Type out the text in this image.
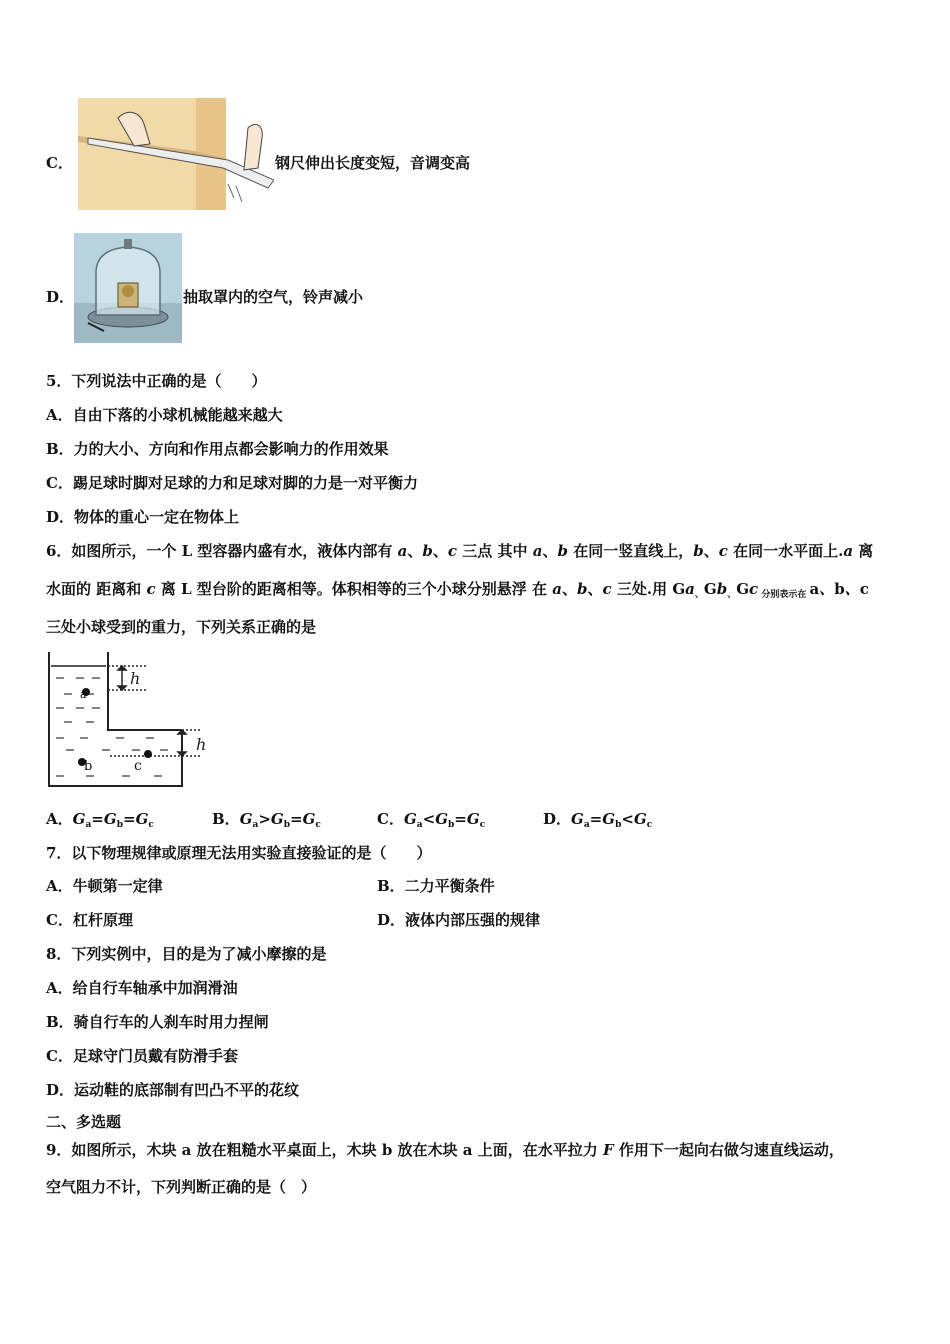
C．	钢尺伸出长度变短，音调变高
D．	抽取罩内的空气，铃声减小
5．下列说法中正确的是（　　）
A．自由下落的小球机械能越来越大
B．力的大小、方向和作用点都会影响力的作用效果
C．踢足球时脚对足球的力和足球对脚的力是一对平衡力
D．物体的重心一定在物体上
6．如图所示，一个 L 型容器内盛有水，液体内部有 a、b、c 三点 其中 a、b 在同一竖直线上，b、c 在同一水平面上.a 离
水面的 距离和 c 离 L 型台阶的距离相等。体积相等的三个小球分别悬浮 在 a、b、c 三处.用 $Ga_、Gb_、Gc$ $_{分别表示在}$ a、b、c
三处小球受到的重力，下列关系正确的是
h
h
a
b	c
A．$G_a=G_b=G_c$	B．$G_a>G_b=G_c$	C．$G_a<G_b=G_c$	D．$G_a=G_b<G_c$
7．以下物理规律或原理无法用实验直接验证的是（　　）
A．牛顿第一定律	B．二力平衡条件
C．杠杆原理	D．液体内部压强的规律
8．下列实例中，目的是为了减小摩擦的是
A．给自行车轴承中加润滑油
B．骑自行车的人刹车时用力捏闸
C．足球守门员戴有防滑手套
D．运动鞋的底部制有凹凸不平的花纹
二、多选题
9．如图所示，木块 a 放在粗糙水平桌面上，木块 b 放在木块 a 上面，在水平拉力 F 作用下一起向右做匀速直线运动，
空气阻力不计，下列判断正确的是（　）
